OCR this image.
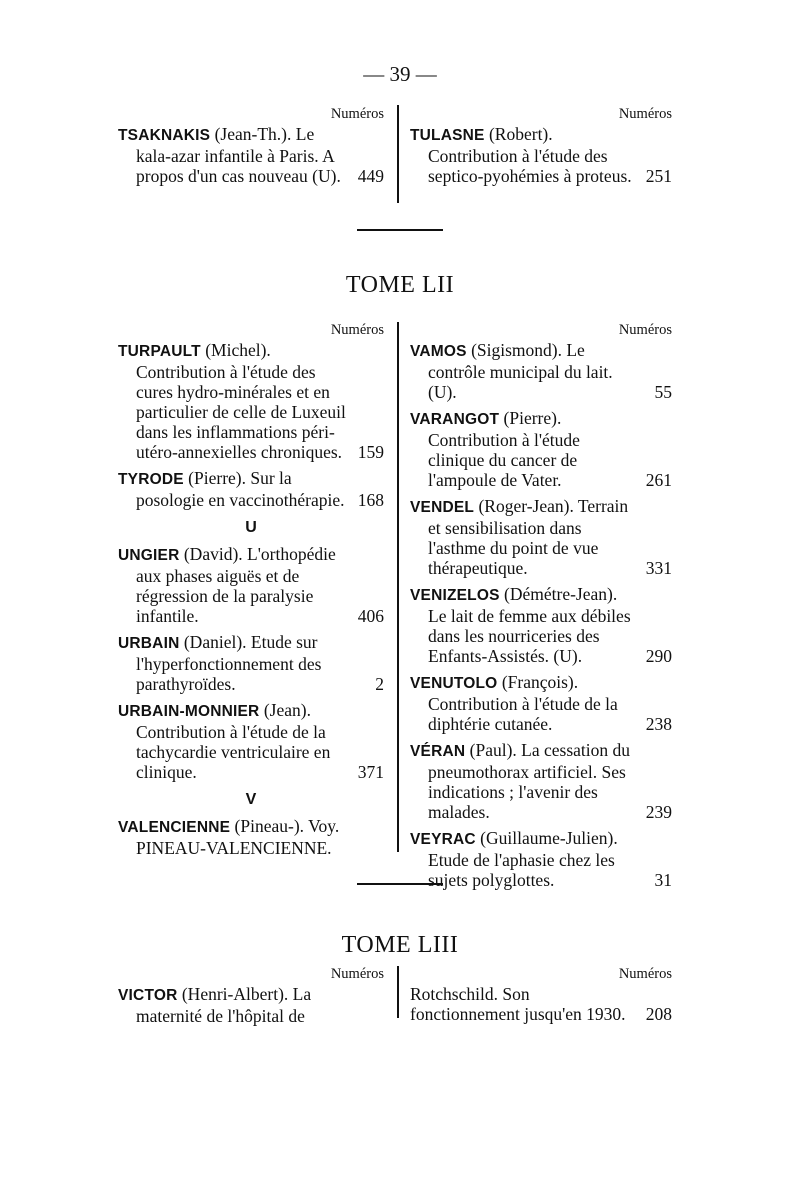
— 39 —
Numéros
TSAKNAKIS (Jean-Th.). Le kala-azar infantile à Paris. A propos d'un cas nouveau (U). 449
Numéros
TULASNE (Robert). Contribution à l'étude des septico-pyohémies à proteus. 251
TOME LII
Numéros
TURPAULT (Michel). Contribution à l'étude des cures hydro-minérales et en particulier de celle de Luxeuil dans les inflammations péri-utéro-annexielles chroniques. 159
TYRODE (Pierre). Sur la posologie en vaccinothérapie. 168
U
UNGIER (David). L'orthopédie aux phases aiguës et de régression de la paralysie infantile.	406
URBAIN (Daniel). Etude sur l'hyperfonctionnement des parathyroïdes.	2
URBAIN-MONNIER (Jean). Contribution à l'étude de la tachycardie ventriculaire en clinique.	371
V
VALENCIENNE (Pineau-). Voy. PINEAU-VALENCIENNE.
Numéros
VAMOS (Sigismond). Le contrôle municipal du lait.(U).	55
VARANGOT (Pierre). Contribution à l'étude clinique du cancer de l'ampoule de Vater.	261
VENDEL (Roger-Jean). Terrain et sensibilisation dans l'asthme du point de vue thérapeutique.	331
VENIZELOS (Démétre-Jean). Le lait de femme aux débiles dans les nourriceries des Enfants-Assistés. (U).	290
VENUTOLO (François). Contribution à l'étude de la diphtérie cutanée.	238
VÉRAN (Paul). La cessation du pneumothorax artificiel. Ses indications ; l'avenir des malades.	239
VEYRAC (Guillaume-Julien). Etude de l'aphasie chez les sujets polyglottes.	31
TOME LIII
Numéros
VICTOR (Henri-Albert). La maternité de l'hôpital de
Numéros
Rotchschild. Son fonctionnement jusqu'en 1930.	208
